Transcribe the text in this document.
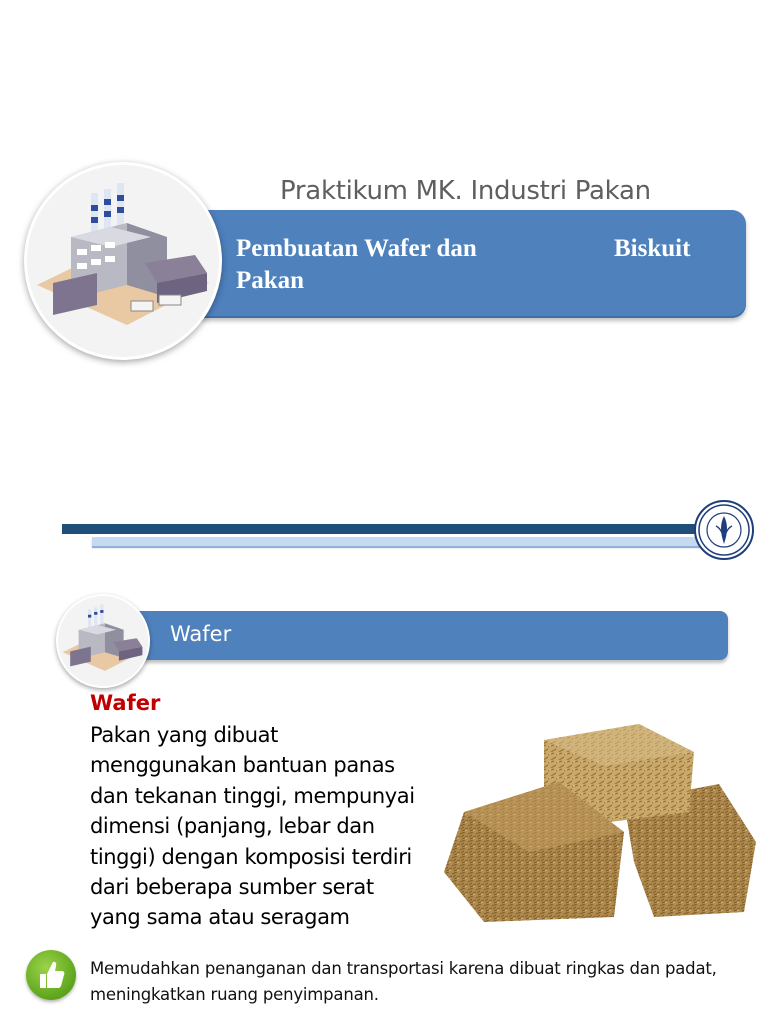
Praktikum MK. Industri Pakan
Pembuatan Wafer dan	Biskuit
Pakan
Wafer
Wafer
Pakan yang dibuat
menggunakan bantuan panas
dan tekanan tinggi, mempunyai
dimensi (panjang, lebar dan
tinggi) dengan komposisi terdiri
dari beberapa sumber serat
yang sama atau seragam
Memudahkan penanganan dan transportasi karena dibuat ringkas dan padat, meningkatkan ruang penyimpanan.
